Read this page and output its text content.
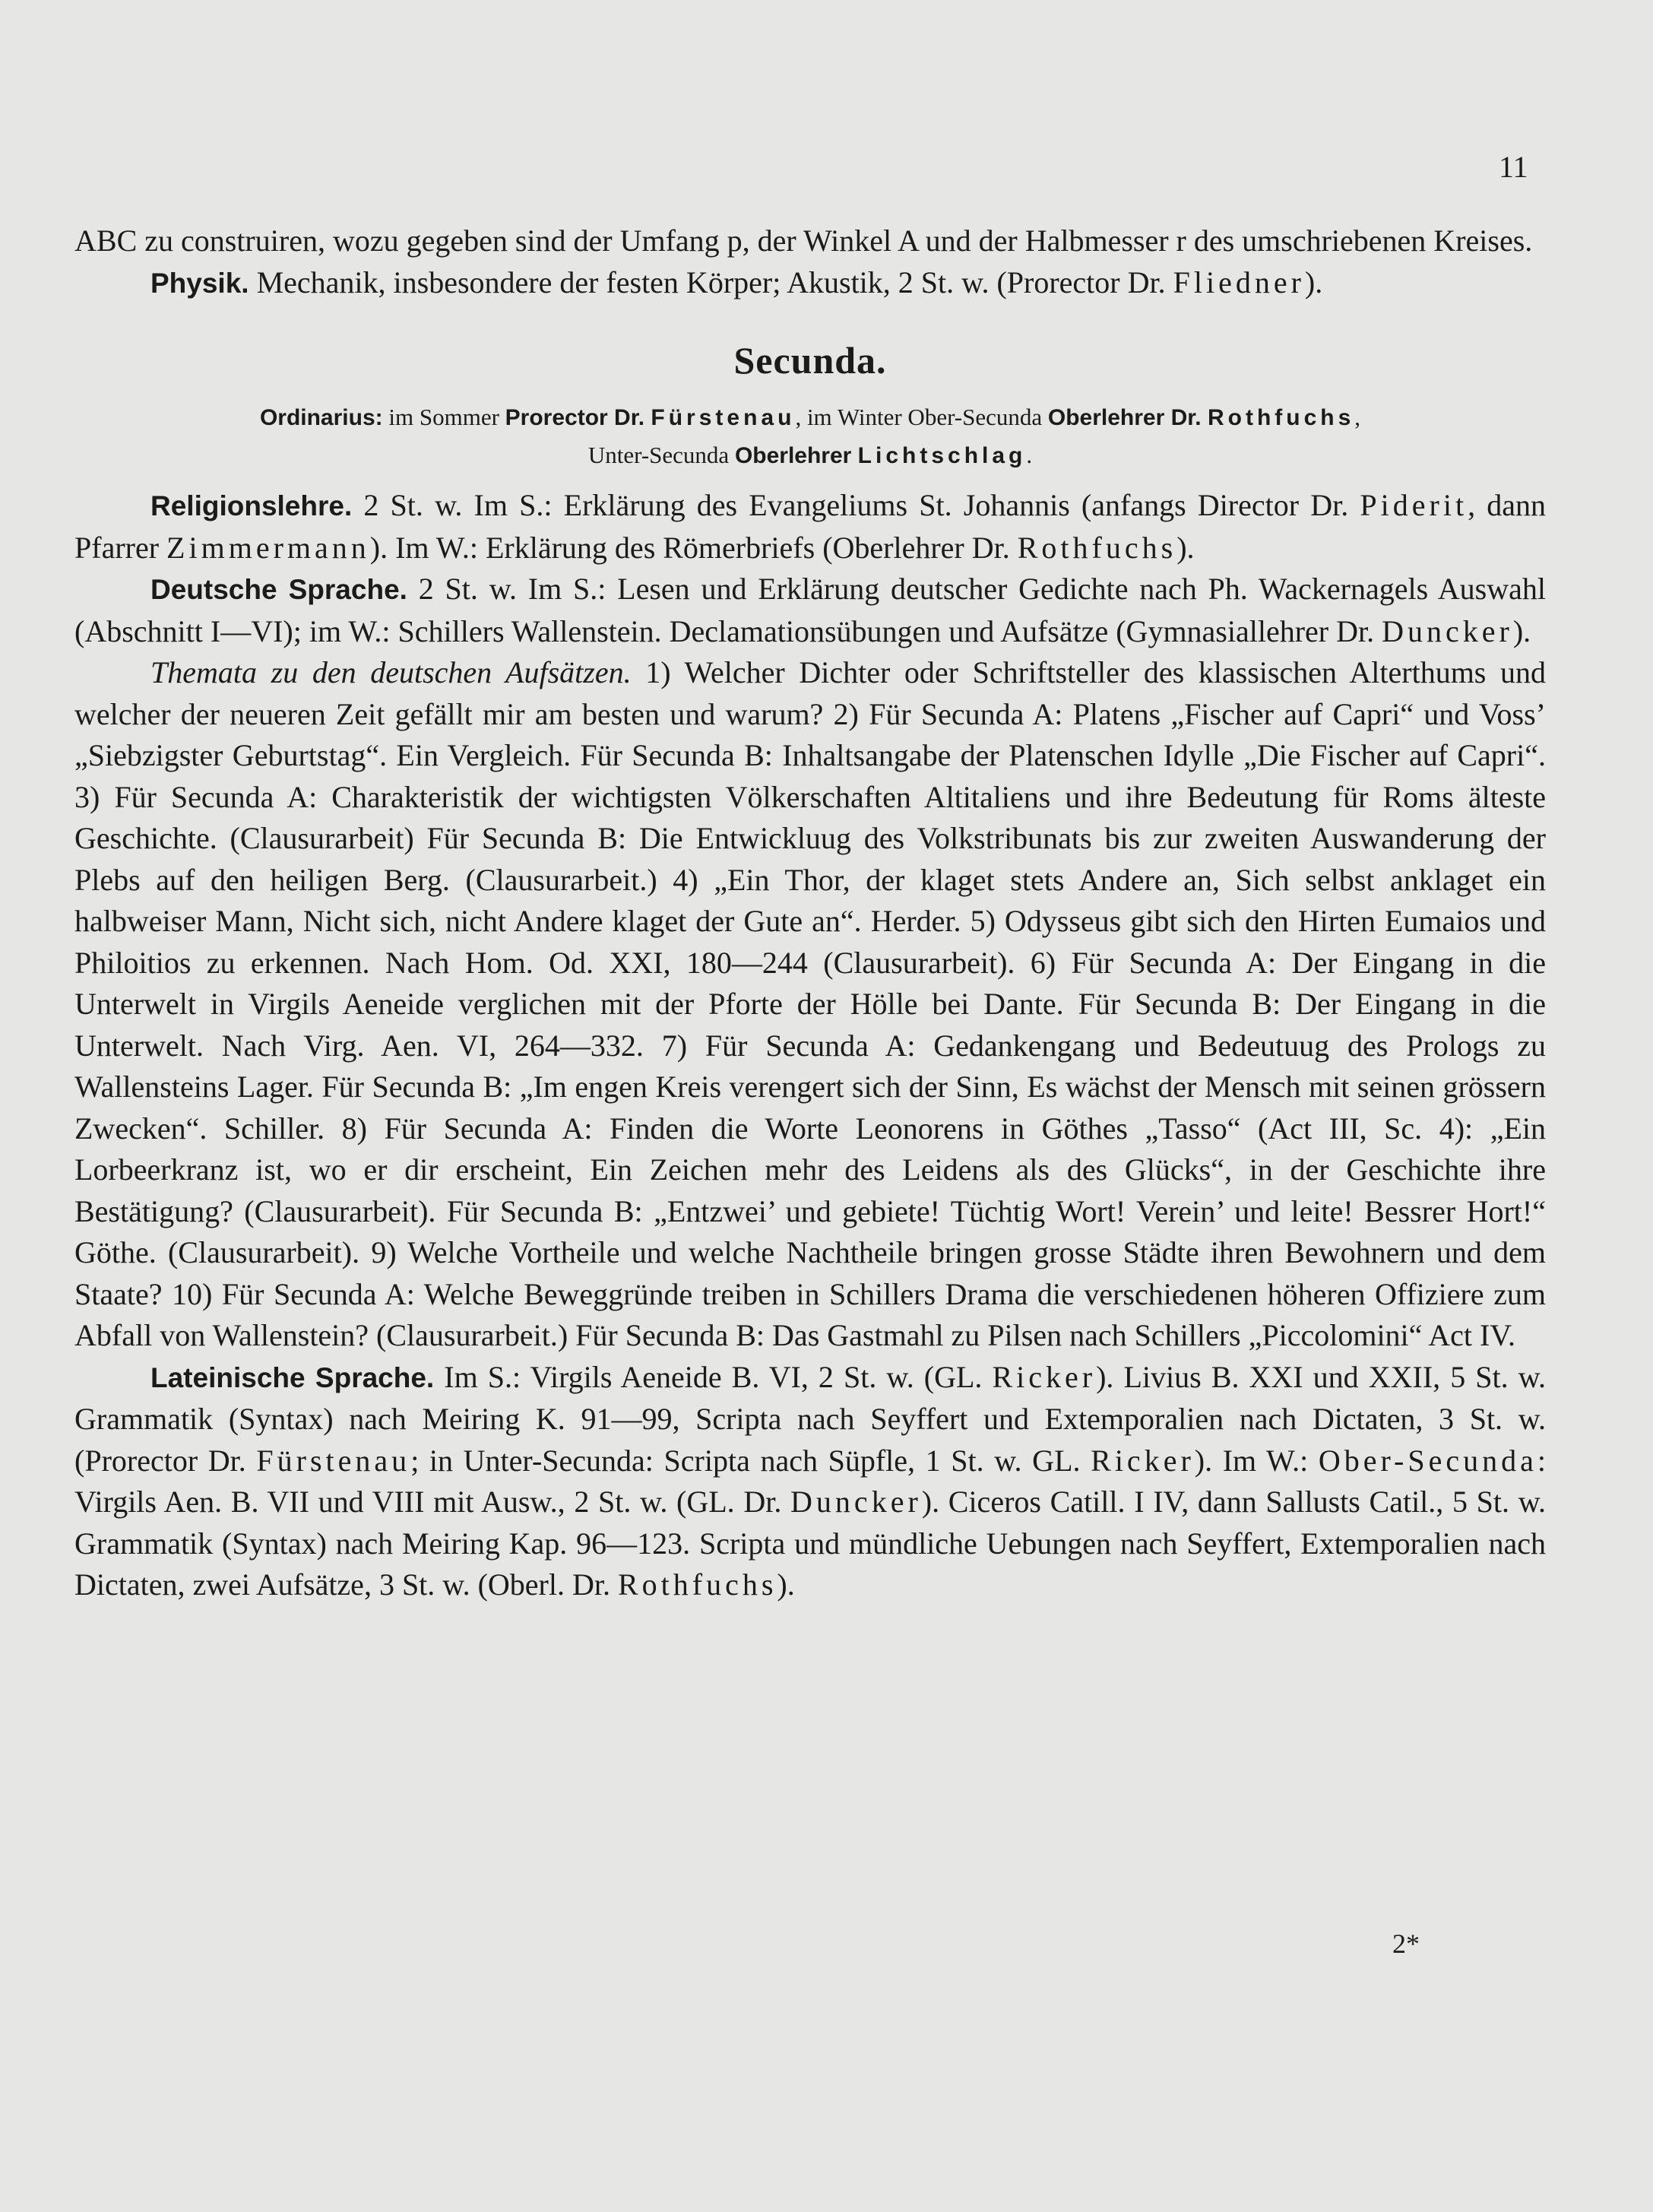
11

ABC zu construiren, wozu gegeben sind der Umfang p, der Winkel A und der Halbmesser r des umschriebenen Kreises.

Physik. Mechanik, insbesondere der festen Körper; Akustik, 2 St. w. (Prorector Dr. Fliedner).

Secunda.
Ordinarius: im Sommer Prorector Dr. Fürstenau, im Winter Ober-Secunda Oberlehrer Dr. Rothfuchs,
Unter-Secunda Oberlehrer Lichtschlag.

Religionslehre. 2 St. w. Im S.: Erklärung des Evangeliums St. Johannis (anfangs Director Dr. Piderit, dann Pfarrer Zimmermann). Im W.: Erklärung des Römerbriefs (Oberlehrer Dr. Rothfuchs).

Deutsche Sprache. 2 St. w. Im S.: Lesen und Erklärung deutscher Gedichte nach Ph. Wackernagels Auswahl (Abschnitt I—VI); im W.: Schillers Wallenstein. Declamationsübungen und Aufsätze (Gymnasiallehrer Dr. Duncker).

Themata zu den deutschen Aufsätzen. 1) Welcher Dichter oder Schriftsteller des klassischen Alterthums und welcher der neueren Zeit gefällt mir am besten und warum? 2) Für Secunda A: Platens „Fischer auf Capri“ und Voss’ „Siebzigster Geburtstag“. Ein Vergleich. Für Secunda B: Inhaltsangabe der Platenschen Idylle „Die Fischer auf Capri“. 3) Für Secunda A: Charakteristik der wichtigsten Völkerschaften Altitaliens und ihre Bedeutung für Roms älteste Geschichte. (Clausurarbeit) Für Secunda B: Die Entwickluug des Volkstribunats bis zur zweiten Auswanderung der Plebs auf den heiligen Berg. (Clausurarbeit.) 4) „Ein Thor, der klaget stets Andere an, Sich selbst anklaget ein halbweiser Mann, Nicht sich, nicht Andere klaget der Gute an“. Herder. 5) Odysseus gibt sich den Hirten Eumaios und Philoitios zu erkennen. Nach Hom. Od. XXI, 180—244 (Clausurarbeit). 6) Für Secunda A: Der Eingang in die Unterwelt in Virgils Aeneide verglichen mit der Pforte der Hölle bei Dante. Für Secunda B: Der Eingang in die Unterwelt. Nach Virg. Aen. VI, 264—332. 7) Für Secunda A: Gedankengang und Bedeutuug des Prologs zu Wallensteins Lager. Für Secunda B: „Im engen Kreis verengert sich der Sinn, Es wächst der Mensch mit seinen grössern Zwecken“. Schiller. 8) Für Secunda A: Finden die Worte Leonorens in Göthes „Tasso“ (Act III, Sc. 4): „Ein Lorbeerkranz ist, wo er dir erscheint, Ein Zeichen mehr des Leidens als des Glücks“, in der Geschichte ihre Bestätigung? (Clausurarbeit). Für Secunda B: „Entzwei’ und gebiete! Tüchtig Wort! Verein’ und leite! Bessrer Hort!“ Göthe. (Clausurarbeit). 9) Welche Vortheile und welche Nachtheile bringen grosse Städte ihren Bewohnern und dem Staate? 10) Für Secunda A: Welche Beweggründe treiben in Schillers Drama die verschiedenen höheren Offiziere zum Abfall von Wallenstein? (Clausurarbeit.) Für Secunda B: Das Gastmahl zu Pilsen nach Schillers „Piccolomini“ Act IV.

Lateinische Sprache. Im S.: Virgils Aeneide B. VI, 2 St. w. (GL. Ricker). Livius B. XXI und XXII, 5 St. w. Grammatik (Syntax) nach Meiring K. 91—99, Scripta nach Seyffert und Extemporalien nach Dictaten, 3 St. w. (Prorector Dr. Fürstenau; in Unter-Secunda: Scripta nach Süpfle, 1 St. w. GL. Ricker). Im W.: Ober-Secunda: Virgils Aen. B. VII und VIII mit Ausw., 2 St. w. (GL. Dr. Duncker). Ciceros Catill. I IV, dann Sallusts Catil., 5 St. w. Grammatik (Syntax) nach Meiring Kap. 96—123. Scripta und mündliche Uebungen nach Seyffert, Extemporalien nach Dictaten, zwei Aufsätze, 3 St. w. (Oberl. Dr. Rothfuchs).

2*
